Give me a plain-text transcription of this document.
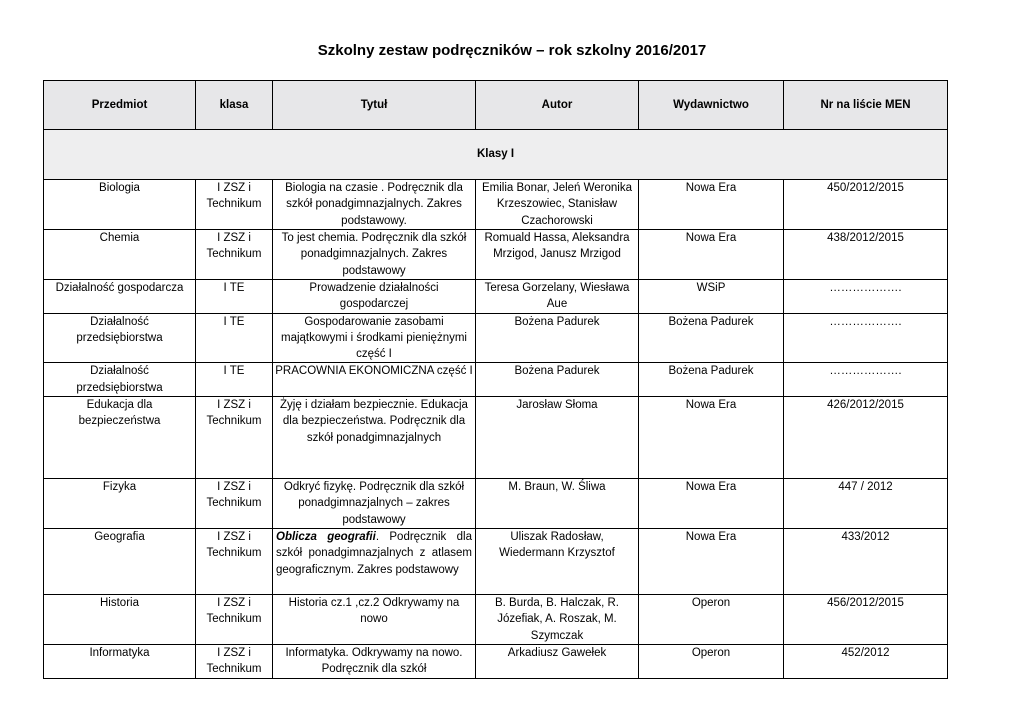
Szkolny zestaw podręczników – rok szkolny 2016/2017
Przedmiot	klasa	Tytuł	Autor	Wydawnictwo	Nr na liście MEN
Klasy I					
Biologia	I ZSZ i Technikum	Biologia na czasie . Podręcznik dla szkół ponadgimnazjalnych. Zakres podstawowy.	Emilia Bonar, Jeleń Weronika Krzeszowiec, Stanisław Czachorowski	Nowa Era	450/2012/2015
Chemia	I ZSZ i Technikum	To jest chemia. Podręcznik dla szkół ponadgimnazjalnych. Zakres podstawowy	Romuald Hassa, Aleksandra Mrzigod, Janusz Mrzigod	Nowa Era	438/2012/2015
Działalność gospodarcza	I TE	Prowadzenie działalności gospodarczej	Teresa Gorzelany, Wiesława Aue	WSiP	……………….
Działalność przedsiębiorstwa	I TE	Gospodarowanie zasobami majątkowymi i środkami pieniężnymi część I	Bożena Padurek	Bożena Padurek	……………….
Działalność przedsiębiorstwa	I TE	PRACOWNIA EKONOMICZNA część I	Bożena Padurek	Bożena Padurek	……………….
Edukacja dla bezpieczeństwa	I ZSZ i Technikum	Żyję i działam bezpiecznie. Edukacja dla bezpieczeństwa. Podręcznik dla szkół ponadgimnazjalnych	Jarosław Słoma	Nowa Era	426/2012/2015
Fizyka	I ZSZ i Technikum	Odkryć fizykę. Podręcznik dla szkół ponadgimnazjalnych – zakres podstawowy	M. Braun, W. Śliwa	Nowa Era	447 / 2012
Geografia	I ZSZ i Technikum	Oblicza geografii. Podręcznik dla szkół ponadgimnazjalnych z atlasem geograficznym. Zakres podstawowy	Uliszak Radosław, Wiedermann Krzysztof	Nowa Era	433/2012
Historia	I ZSZ i Technikum	Historia cz.1 ,cz.2 Odkrywamy na nowo	B. Burda, B. Halczak, R. Józefiak, A. Roszak, M. Szymczak	Operon	456/2012/2015
Informatyka	I ZSZ i Technikum	Informatyka. Odkrywamy na nowo. Podręcznik dla szkół	Arkadiusz Gawełek	Operon	452/2012
